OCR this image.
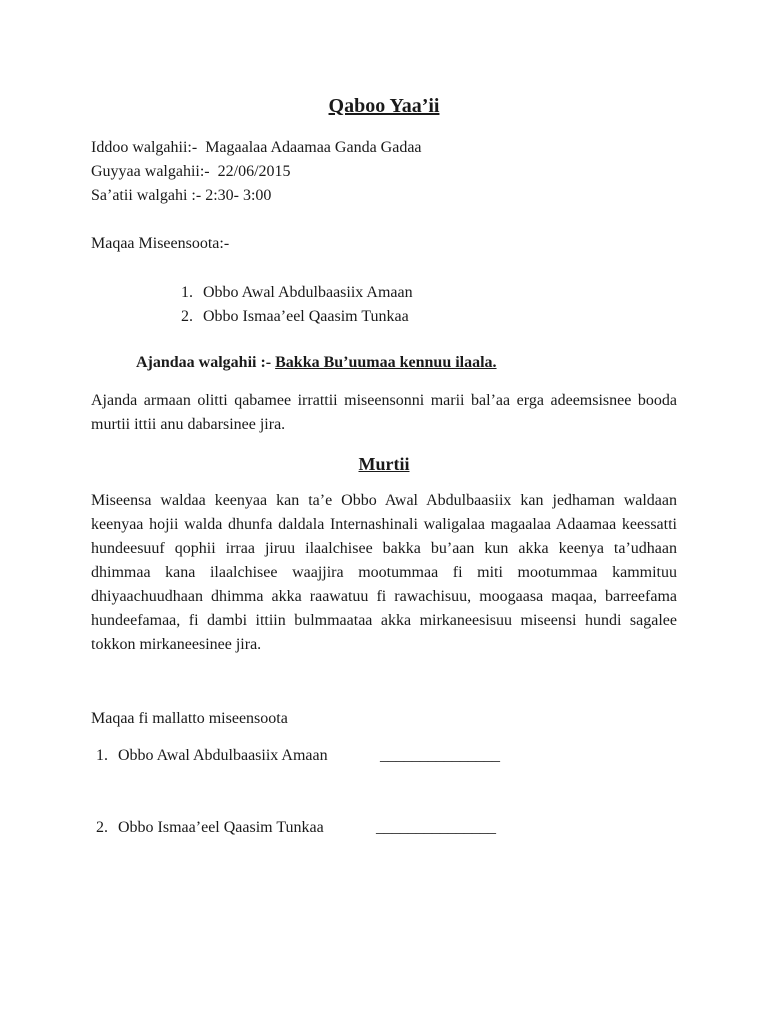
Qaboo Yaa’ii
Iddoo walgahii:- Magaalaa Adaamaa Ganda Gadaa
Guyyaa walgahii:- 22/06/2015
Sa’atii walgahi :- 2:30- 3:00
Maqaa Miseensoota:-
1. Obbo Awal Abdulbaasiix Amaan
2. Obbo Ismaa’eel Qaasim Tunkaa
Ajandaa walgahii :- Bakka Bu’uumaa kennuu ilaala.
Ajanda armaan olitti qabamee irrattii miseensonni marii bal’aa erga adeemsisnee booda murtii ittii anu dabarsinee jira.
Murtii
Miseensa waldaa keenyaa kan ta’e Obbo Awal Abdulbaasiix kan jedhaman waldaan keenyaa hojii walda dhunfa daldala Internashinali waligalaa magaalaa Adaamaa keessatti hundeesuuf qophii irraa jiruu ilaalchisee bakka bu’aan kun akka keenya ta’udhaan dhimmaa kana ilaalchisee waajjira mootummaa fi miti mootummaa kammituu dhiyaachuudhaan dhimma akka raawatuu fi rawachisuu, moogaasa maqaa, barreefama hundeefamaa, fi dambi ittiin bulmmaataa akka mirkaneesisuu miseensi hundi sagalee tokkon mirkaneesinee jira.
Maqaa fi mallatto miseensoota
1. Obbo Awal Abdulbaasiix Amaan	_______________
2. Obbo Ismaa’eel Qaasim Tunkaa	_______________
